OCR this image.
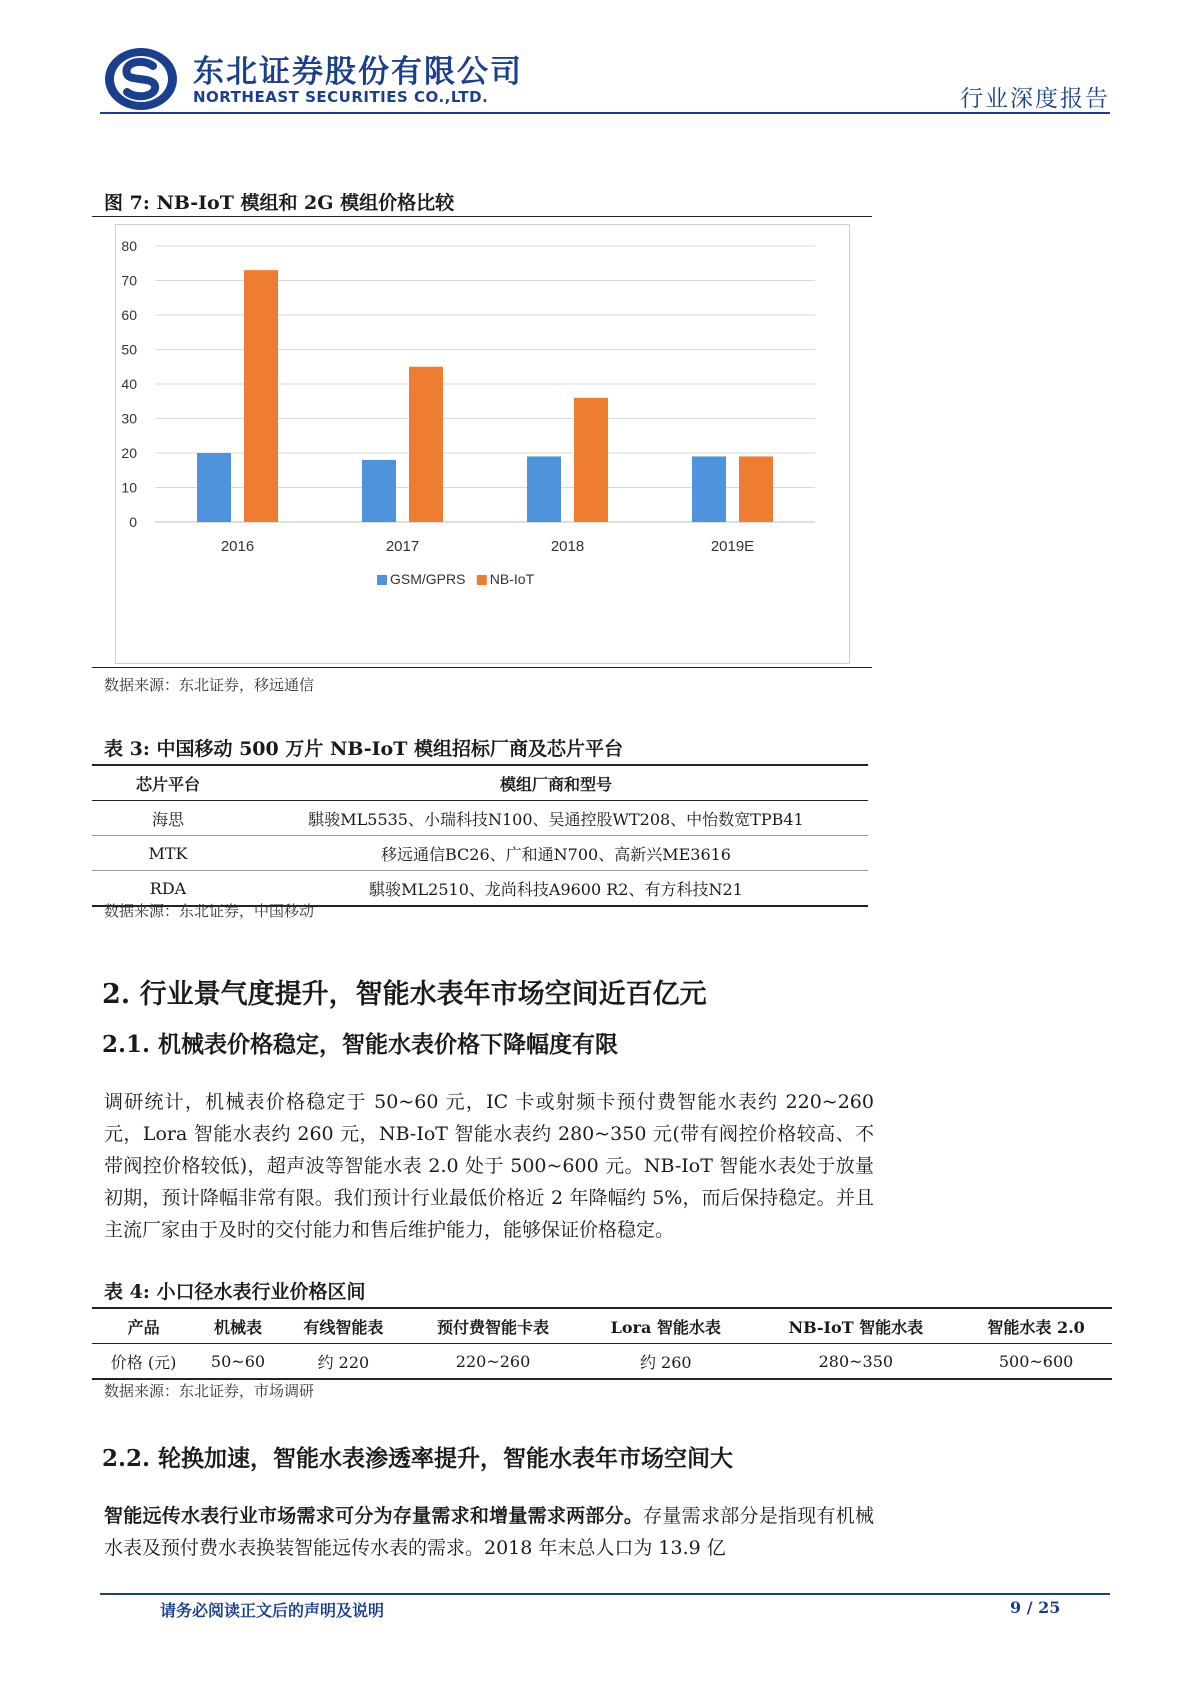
东北证券股份有限公司
NORTHEAST SECURITIES CO.,LTD.	行业深度报告
图 7: NB-IoT 模组和 2G 模组价格比较
0
10
20
30
40
50
60
70
80
2016	2017	2018	2019E
GSM/GPRS NB-IoT
数据来源：东北证券，移远通信
表 3: 中国移动 500 万片 NB-IoT 模组招标厂商及芯片平台
芯片平台	模组厂商和型号
海思	騏骏ML5535、小瑞科技N100、吴通控股WT208、中怡数宽TPB41
MTK	移远通信BC26、广和通N700、高新兴ME3616
RDA	騏骏ML2510、龙尚科技A9600 R2、有方科技N21
数据来源：东北证券，中国移动
2. 行业景气度提升，智能水表年市场空间近百亿元
2.1. 机械表价格稳定，智能水表价格下降幅度有限
调研统计，机械表价格稳定于 50~60 元，IC 卡或射频卡预付费智能水表约 220~260 元，Lora 智能水表约 260 元，NB-IoT 智能水表约 280~350 元(带有阀控价格较高、不带阀控价格较低)，超声波等智能水表 2.0 处于 500~600 元。NB-IoT 智能水表处于放量初期，预计降幅非常有限。我们预计行业最低价格近 2 年降幅约 5%，而后保持稳定。并且主流厂家由于及时的交付能力和售后维护能力，能够保证价格稳定。
表 4: 小口径水表行业价格区间
产品	机械表	有线智能表	预付费智能卡表	Lora 智能水表	NB-IoT 智能水表	智能水表 2.0
价格 (元)	50~60	约 220	220~260	约 260	280~350	500~600
数据来源：东北证券，市场调研
2.2. 轮换加速，智能水表渗透率提升，智能水表年市场空间大
智能远传水表行业市场需求可分为存量需求和增量需求两部分。存量需求部分是指现有机械水表及预付费水表换装智能远传水表的需求。2018 年末总人口为 13.9 亿
请务必阅读正文后的声明及说明	9 / 25
